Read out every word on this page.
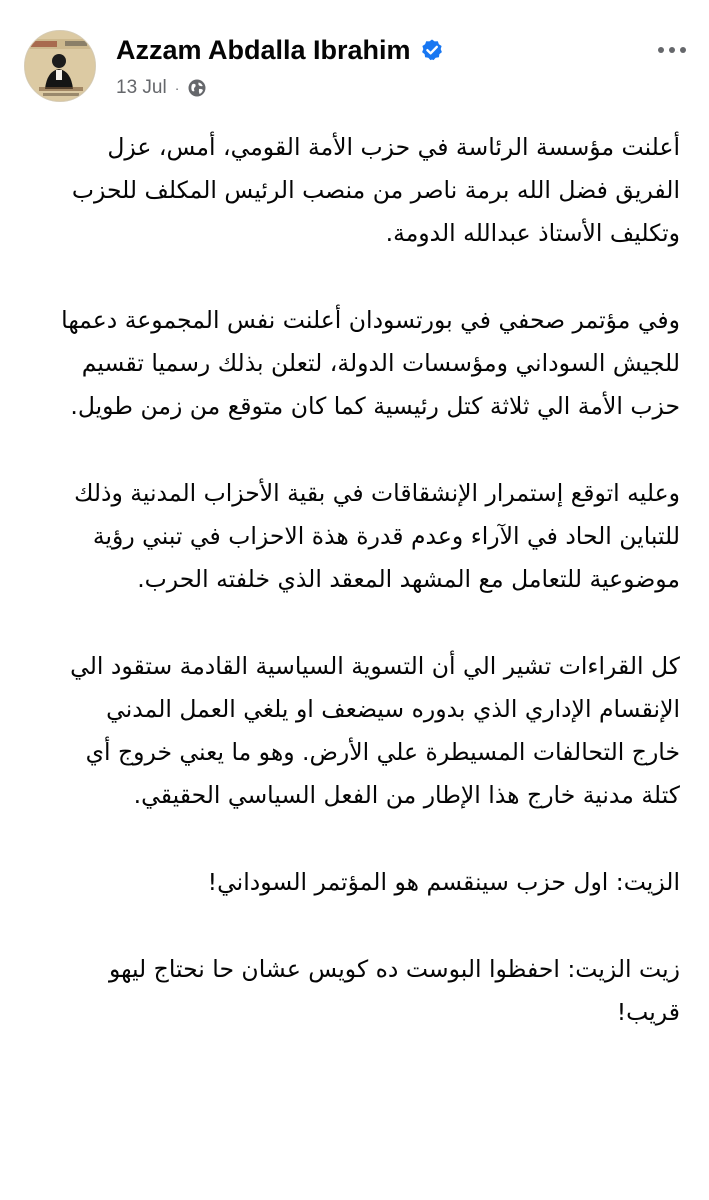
Azzam Abdalla Ibrahim
13 Jul ·

أعلنت مؤسسة الرئاسة في حزب الأمة القومي، أمس، عزل
الفريق فضل الله برمة ناصر من منصب الرئيس المكلف للحزب
وتكليف الأستاذ عبدالله الدومة.

وفي مؤتمر صحفي في بورتسودان أعلنت نفس المجموعة دعمها
للجيش السوداني ومؤسسات الدولة، لتعلن بذلك رسميا تقسيم
حزب الأمة الي ثلاثة كتل رئيسية كما كان متوقع من زمن طويل.

وعليه اتوقع إستمرار الإنشقاقات في بقية الأحزاب المدنية وذلك
للتباين الحاد في الآراء وعدم قدرة هذة الاحزاب في تبني رؤية
موضوعية للتعامل مع المشهد المعقد الذي خلفته الحرب.

كل القراءات تشير الي أن التسوية السياسية القادمة ستقود الي
الإنقسام الإداري الذي بدوره سيضعف او يلغي العمل المدني
خارج التحالفات المسيطرة علي الأرض. وهو ما يعني خروج أي
كتلة مدنية خارج هذا الإطار من الفعل السياسي الحقيقي.

الزيت: اول حزب سينقسم هو المؤتمر السوداني!

زيت الزيت: احفظوا البوست ده كويس عشان حا نحتاج ليهو
قريب!
